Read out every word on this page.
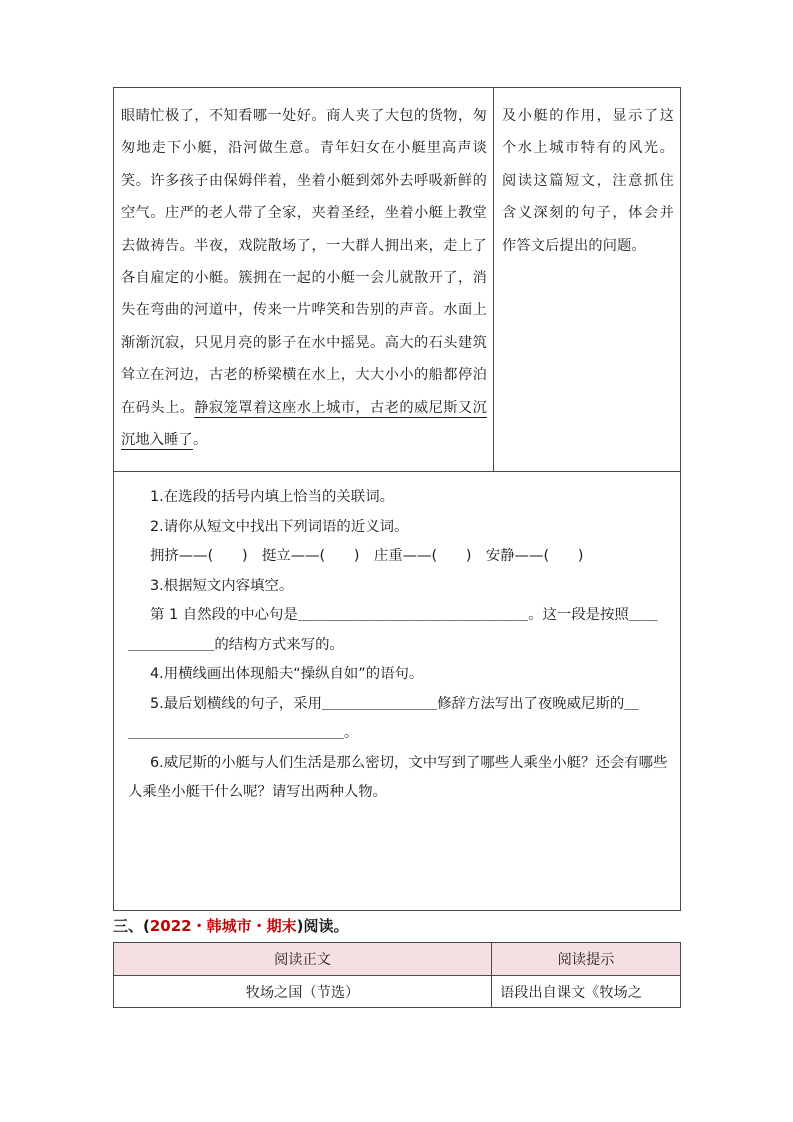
眼睛忙极了，不知看哪一处好。商人夹了大包的货物，匆匆地走下小艇，沿河做生意。青年妇女在小艇里高声谈笑。许多孩子由保姆伴着，坐着小艇到郊外去呼吸新鲜的空气。庄严的老人带了全家，夹着圣经，坐着小艇上教堂去做祷告。半夜，戏院散场了，一大群人拥出来，走上了各自雇定的小艇。簇拥在一起的小艇一会儿就散开了，消失在弯曲的河道中，传来一片哗笑和告别的声音。水面上渐渐沉寂，只见月亮的影子在水中摇晃。高大的石头建筑耸立在河边，古老的桥梁横在水上，大大小小的船都停泊在码头上。静寂笼罩着这座水上城市，古老的威尼斯又沉沉地入睡了。

及小艇的作用，显示了这个水上城市特有的风光。阅读这篇短文，注意抓住含义深刻的句子，体会并作答文后提出的问题。

1.在选段的括号内填上恰当的关联词。

2.请你从短文中找出下列词语的近义词。

拥挤——(　　)　挺立——(　　)　庄重——(　　)　安静——(　　)

3.根据短文内容填空。

第 1 自然段的中心句是＿＿＿＿＿＿＿＿＿＿＿＿＿＿＿＿。这一段是按照＿＿

＿＿＿＿＿＿的结构方式来写的。

4.用横线画出体现船夫“操纵自如”的语句。

5.最后划横线的句子，采用＿＿＿＿＿＿＿＿修辞方法写出了夜晚威尼斯的＿

＿＿＿＿＿＿＿＿＿＿＿＿＿＿＿。

6.威尼斯的小艇与人们生活是那么密切，文中写到了哪些人乘坐小艇？还会有哪些人乘坐小艇干什么呢？请写出两种人物。

三、(2022・韩城市・期末)阅读。
阅读正文	阅读提示
牧场之国（节选）	语段出自课文《牧场之
